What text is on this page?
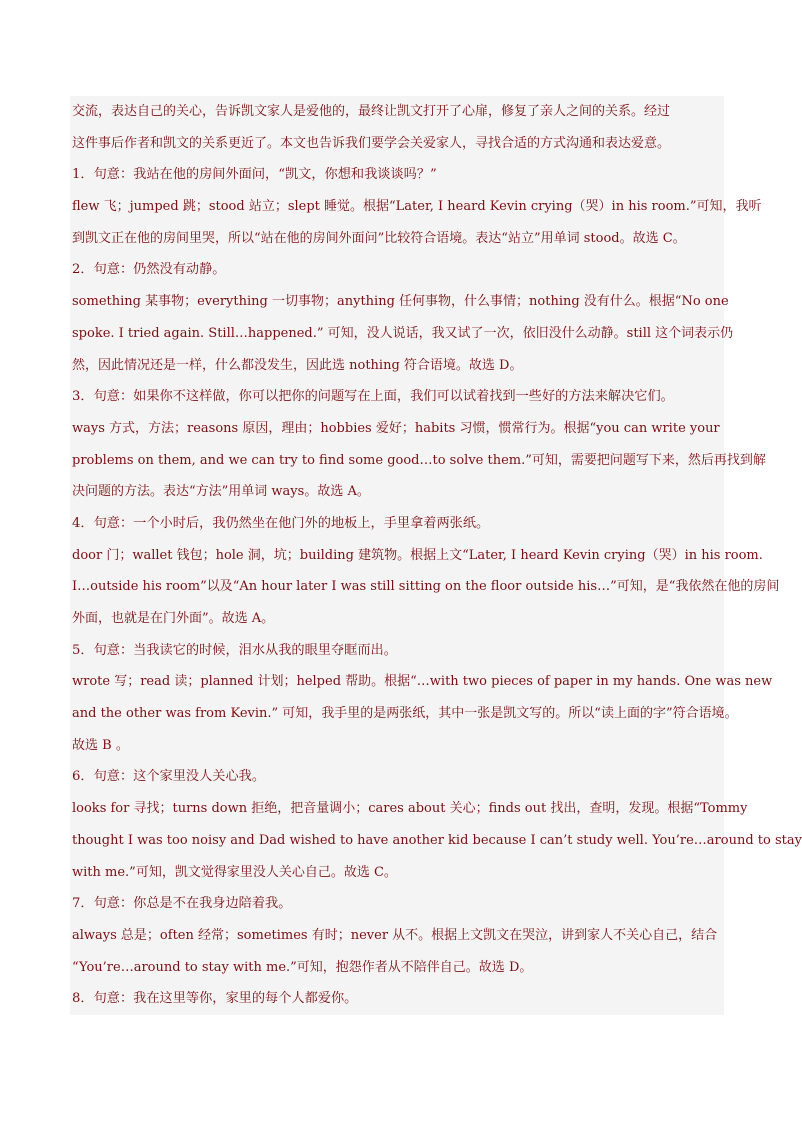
交流，表达自己的关心，告诉凯文家人是爱他的，最终让凯文打开了心扉，修复了亲人之间的关系。经过
这件事后作者和凯文的关系更近了。本文也告诉我们要学会关爱家人，寻找合适的方式沟通和表达爱意。
1．句意：我站在他的房间外面问，“凯文，你想和我谈谈吗？”
flew 飞；jumped 跳；stood 站立；slept 睡觉。根据“Later, I heard Kevin crying（哭）in his room.”可知，我听
到凯文正在他的房间里哭，所以“站在他的房间外面问”比较符合语境。表达“站立”用单词 stood。故选 C。
2．句意：仍然没有动静。
something 某事物；everything 一切事物；anything 任何事物，什么事情；nothing 没有什么。根据“No one
spoke. I tried again. Still…happened.” 可知，没人说话，我又试了一次，依旧没什么动静。still 这个词表示仍
然，因此情况还是一样，什么都没发生，因此选 nothing 符合语境。故选 D。
3．句意：如果你不这样做，你可以把你的问题写在上面，我们可以试着找到一些好的方法来解决它们。
ways 方式，方法；reasons 原因，理由；hobbies 爱好；habits 习惯，惯常行为。根据“you can write your
problems on them, and we can try to find some good…to solve them.”可知，需要把问题写下来，然后再找到解
决问题的方法。表达“方法”用单词 ways。故选 A。
4．句意：一个小时后，我仍然坐在他门外的地板上，手里拿着两张纸。
door 门；wallet 钱包；hole 洞，坑；building 建筑物。根据上文“Later, I heard Kevin crying（哭）in his room.
I…outside his room”以及“An hour later I was still sitting on the floor outside his…”可知，是“我依然在他的房间
外面，也就是在门外面”。故选 A。
5．句意：当我读它的时候，泪水从我的眼里夺眶而出。
wrote 写；read 读；planned 计划；helped 帮助。根据“…with two pieces of paper in my hands. One was new
and the other was from Kevin.” 可知，我手里的是两张纸，其中一张是凯文写的。所以“读上面的字”符合语境。
故选 B 。
6．句意：这个家里没人关心我。
looks for 寻找；turns down 拒绝，把音量调小；cares about 关心；finds out 找出，查明，发现。根据“Tommy
thought I was too noisy and Dad wished to have another kid because I can’t study well. You’re…around to stay
with me.”可知，凯文觉得家里没人关心自己。故选 C。
7．句意：你总是不在我身边陪着我。
always 总是；often 经常；sometimes 有时；never 从不。根据上文凯文在哭泣，讲到家人不关心自己，结合
“You’re…around to stay with me.”可知，抱怨作者从不陪伴自己。故选 D。
8．句意：我在这里等你，家里的每个人都爱你。
